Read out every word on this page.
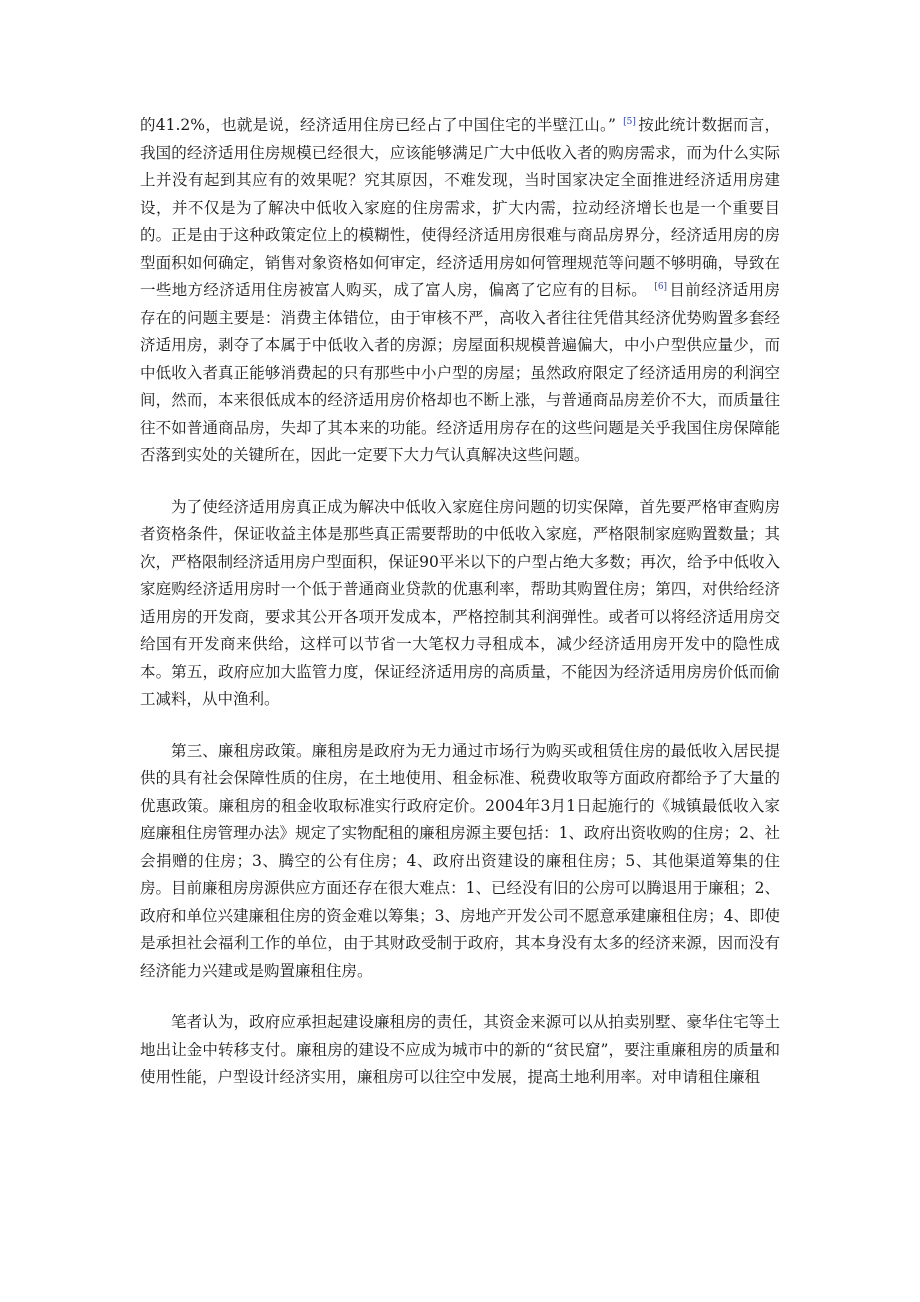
的41.2%，也就是说，经济适用住房已经占了中国住宅的半壁江山。” [5] 按此统计数据而言，我国的经济适用住房规模已经很大，应该能够满足广大中低收入者的购房需求，而为什么实际上并没有起到其应有的效果呢？究其原因，不难发现，当时国家决定全面推进经济适用房建设，并不仅是为了解决中低收入家庭的住房需求，扩大内需，拉动经济增长也是一个重要目的。正是由于这种政策定位上的模糊性，使得经济适用房很难与商品房界分，经济适用房的房型面积如何确定，销售对象资格如何审定，经济适用房如何管理规范等问题不够明确，导致在一些地方经济适用住房被富人购买，成了富人房，偏离了它应有的目标。 [6] 目前经济适用房存在的问题主要是：消费主体错位，由于审核不严，高收入者往往凭借其经济优势购置多套经济适用房，剥夺了本属于中低收入者的房源；房屋面积规模普遍偏大，中小户型供应量少，而中低收入者真正能够消费起的只有那些中小户型的房屋；虽然政府限定了经济适用房的利润空间，然而，本来很低成本的经济适用房价格却也不断上涨，与普通商品房差价不大，而质量往往不如普通商品房，失却了其本来的功能。经济适用房存在的这些问题是关乎我国住房保障能否落到实处的关键所在，因此一定要下大力气认真解决这些问题。

为了使经济适用房真正成为解决中低收入家庭住房问题的切实保障，首先要严格审查购房者资格条件，保证收益主体是那些真正需要帮助的中低收入家庭，严格限制家庭购置数量；其次，严格限制经济适用房户型面积，保证90平米以下的户型占绝大多数；再次，给予中低收入家庭购经济适用房时一个低于普通商业贷款的优惠利率，帮助其购置住房；第四，对供给经济适用房的开发商，要求其公开各项开发成本，严格控制其利润弹性。或者可以将经济适用房交给国有开发商来供给，这样可以节省一大笔权力寻租成本，减少经济适用房开发中的隐性成本。第五，政府应加大监管力度，保证经济适用房的高质量，不能因为经济适用房房价低而偷工减料，从中渔利。

第三、廉租房政策。廉租房是政府为无力通过市场行为购买或租赁住房的最低收入居民提供的具有社会保障性质的住房，在土地使用、租金标准、税费收取等方面政府都给予了大量的优惠政策。廉租房的租金收取标准实行政府定价。2004年3月1日起施行的《城镇最低收入家庭廉租住房管理办法》规定了实物配租的廉租房源主要包括：1、政府出资收购的住房；2、社会捐赠的住房；3、腾空的公有住房；4、政府出资建设的廉租住房；5、其他渠道筹集的住房。目前廉租房房源供应方面还存在很大难点：1、已经没有旧的公房可以腾退用于廉租；2、政府和单位兴建廉租住房的资金难以筹集；3、房地产开发公司不愿意承建廉租住房；4、即使是承担社会福利工作的单位，由于其财政受制于政府，其本身没有太多的经济来源，因而没有经济能力兴建或是购置廉租住房。

笔者认为，政府应承担起建设廉租房的责任，其资金来源可以从拍卖别墅、豪华住宅等土地出让金中转移支付。廉租房的建设不应成为城市中的新的“贫民窟”，要注重廉租房的质量和使用性能，户型设计经济实用，廉租房可以往空中发展，提高土地利用率。对申请租住廉租
